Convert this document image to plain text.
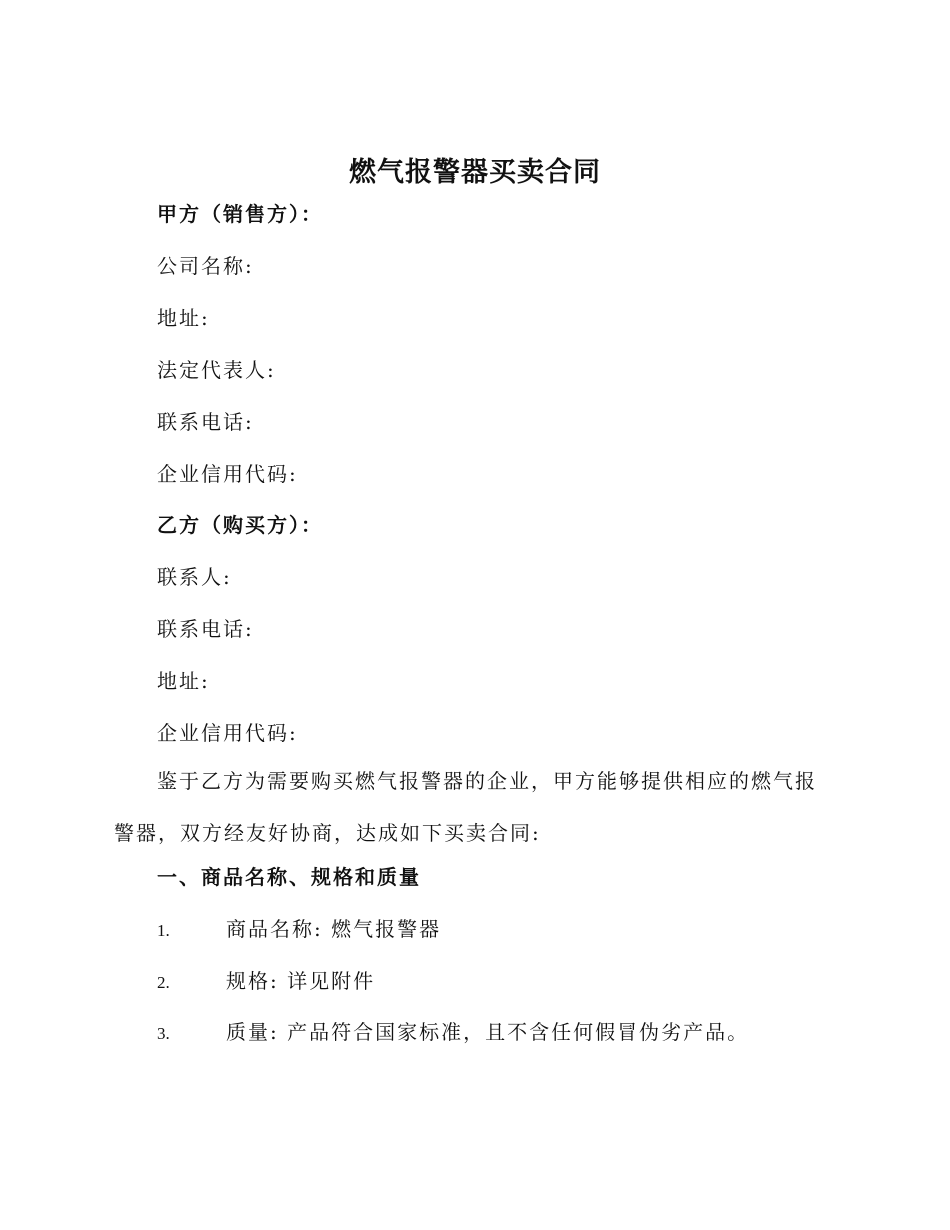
燃气报警器买卖合同
甲方（销售方）：
公司名称:
地址:
法定代表人:
联系电话:
企业信用代码:
乙方（购买方）：
联系人:
联系电话:
地址:
企业信用代码:
鉴于乙方为需要购买燃气报警器的企业，甲方能够提供相应的燃气报警器，双方经友好协商，达成如下买卖合同:
一、商品名称、规格和质量
1.	商品名称: 燃气报警器
2.	规格: 详见附件
3.	质量: 产品符合国家标准，且不含任何假冒伪劣产品。
